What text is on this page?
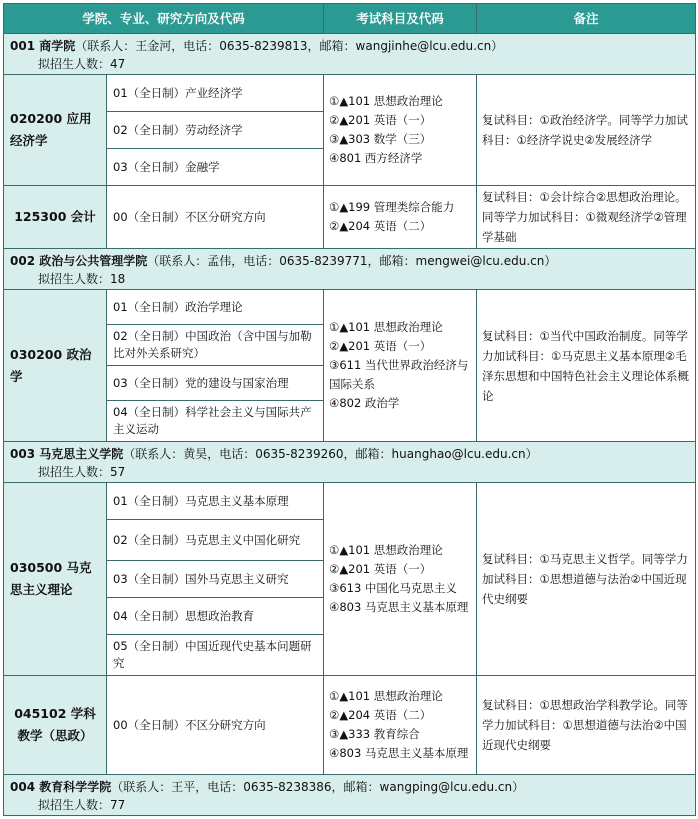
学院、专业、研究方向及代码		考试科目及代码	备注

001 商学院（联系人：王金河，电话：0635-8239813，邮箱：wangjinhe@lcu.edu.cn）
拟招生人数：47			

020200 应用经济学	01（全日制）产业经济学	①▲101 思想政治理论
②▲201 英语（一）
③▲303 数学（三）
④801 西方经济学	复试科目：①政治经济学。同等学力加试科目：①经济学说史②发展经济学
	02（全日制）劳动经济学		
	03（全日制）金融学		
125300 会计	00（全日制）不区分研究方向	①▲199 管理类综合能力
②▲204 英语（二）	复试科目：①会计综合②思想政治理论。同等学力加试科目：①微观经济学②管理学基础

002 政治与公共管理学院（联系人：孟伟，电话：0635-8239771，邮箱：mengwei@lcu.edu.cn）
拟招生人数：18			

030200 政治学	01（全日制）政治学理论	①▲101 思想政治理论
②▲201 英语（一）
③611 当代世界政治经济与国际关系
④802 政治学	复试科目：①当代中国政治制度。同等学力加试科目：①马克思主义基本原理②毛泽东思想和中国特色社会主义理论体系概论
	02（全日制）中国政治（含中国与加勒比对外关系研究）		
	03（全日制）党的建设与国家治理		
	04（全日制）科学社会主义与国际共产主义运动		

003 马克思主义学院（联系人：黄昊，电话：0635-8239260，邮箱：huanghao@lcu.edu.cn）
拟招生人数：57			

030500 马克思主义理论	01（全日制）马克思主义基本原理	①▲101 思想政治理论
②▲201 英语（一）
③613 中国化马克思主义
④803 马克思主义基本原理	复试科目：①马克思主义哲学。同等学力加试科目：①思想道德与法治②中国近现代史纲要
	02（全日制）马克思主义中国化研究		
	03（全日制）国外马克思主义研究		
	04（全日制）思想政治教育		
	05（全日制）中国近现代史基本问题研究		
045102 学科教学（思政）	00（全日制）不区分研究方向	①▲101 思想政治理论
②▲204 英语（二）
③▲333 教育综合
④803 马克思主义基本原理	复试科目：①思想政治学科教学论。同等学力加试科目：①思想道德与法治②中国近现代史纲要

004 教育科学学院（联系人：王平，电话：0635-8238386，邮箱：wangping@lcu.edu.cn）
拟招生人数：77			
